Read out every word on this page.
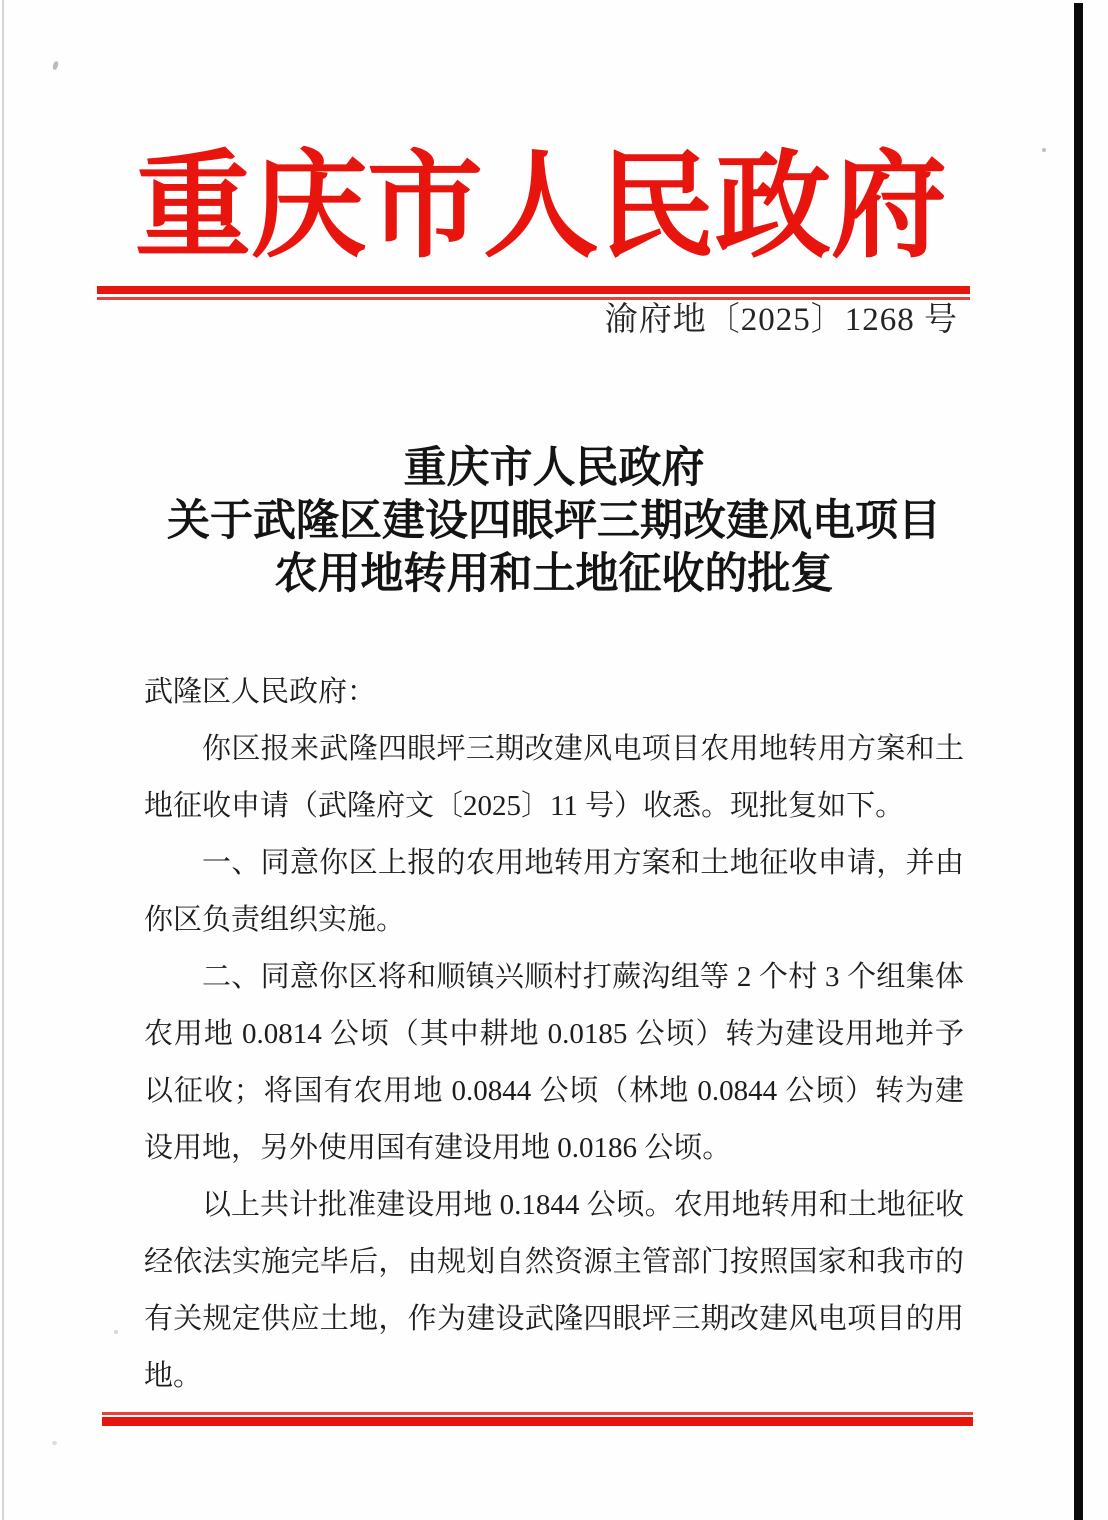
重庆市人民政府
渝府地〔2025〕1268 号
重庆市人民政府
关于武隆区建设四眼坪三期改建风电项目
农用地转用和土地征收的批复

武隆区人民政府：

你区报来武隆四眼坪三期改建风电项目农用地转用方案和土地征收申请（武隆府文〔2025〕11 号）收悉。现批复如下。

一、同意你区上报的农用地转用方案和土地征收申请，并由你区负责组织实施。

二、同意你区将和顺镇兴顺村打蕨沟组等 2 个村 3 个组集体农用地 0.0814 公顷（其中耕地 0.0185 公顷）转为建设用地并予以征收；将国有农用地 0.0844 公顷（林地 0.0844 公顷）转为建设用地，另外使用国有建设用地 0.0186 公顷。

以上共计批准建设用地 0.1844 公顷。农用地转用和土地征收经依法实施完毕后，由规划自然资源主管部门按照国家和我市的有关规定供应土地，作为建设武隆四眼坪三期改建风电项目的用地。
